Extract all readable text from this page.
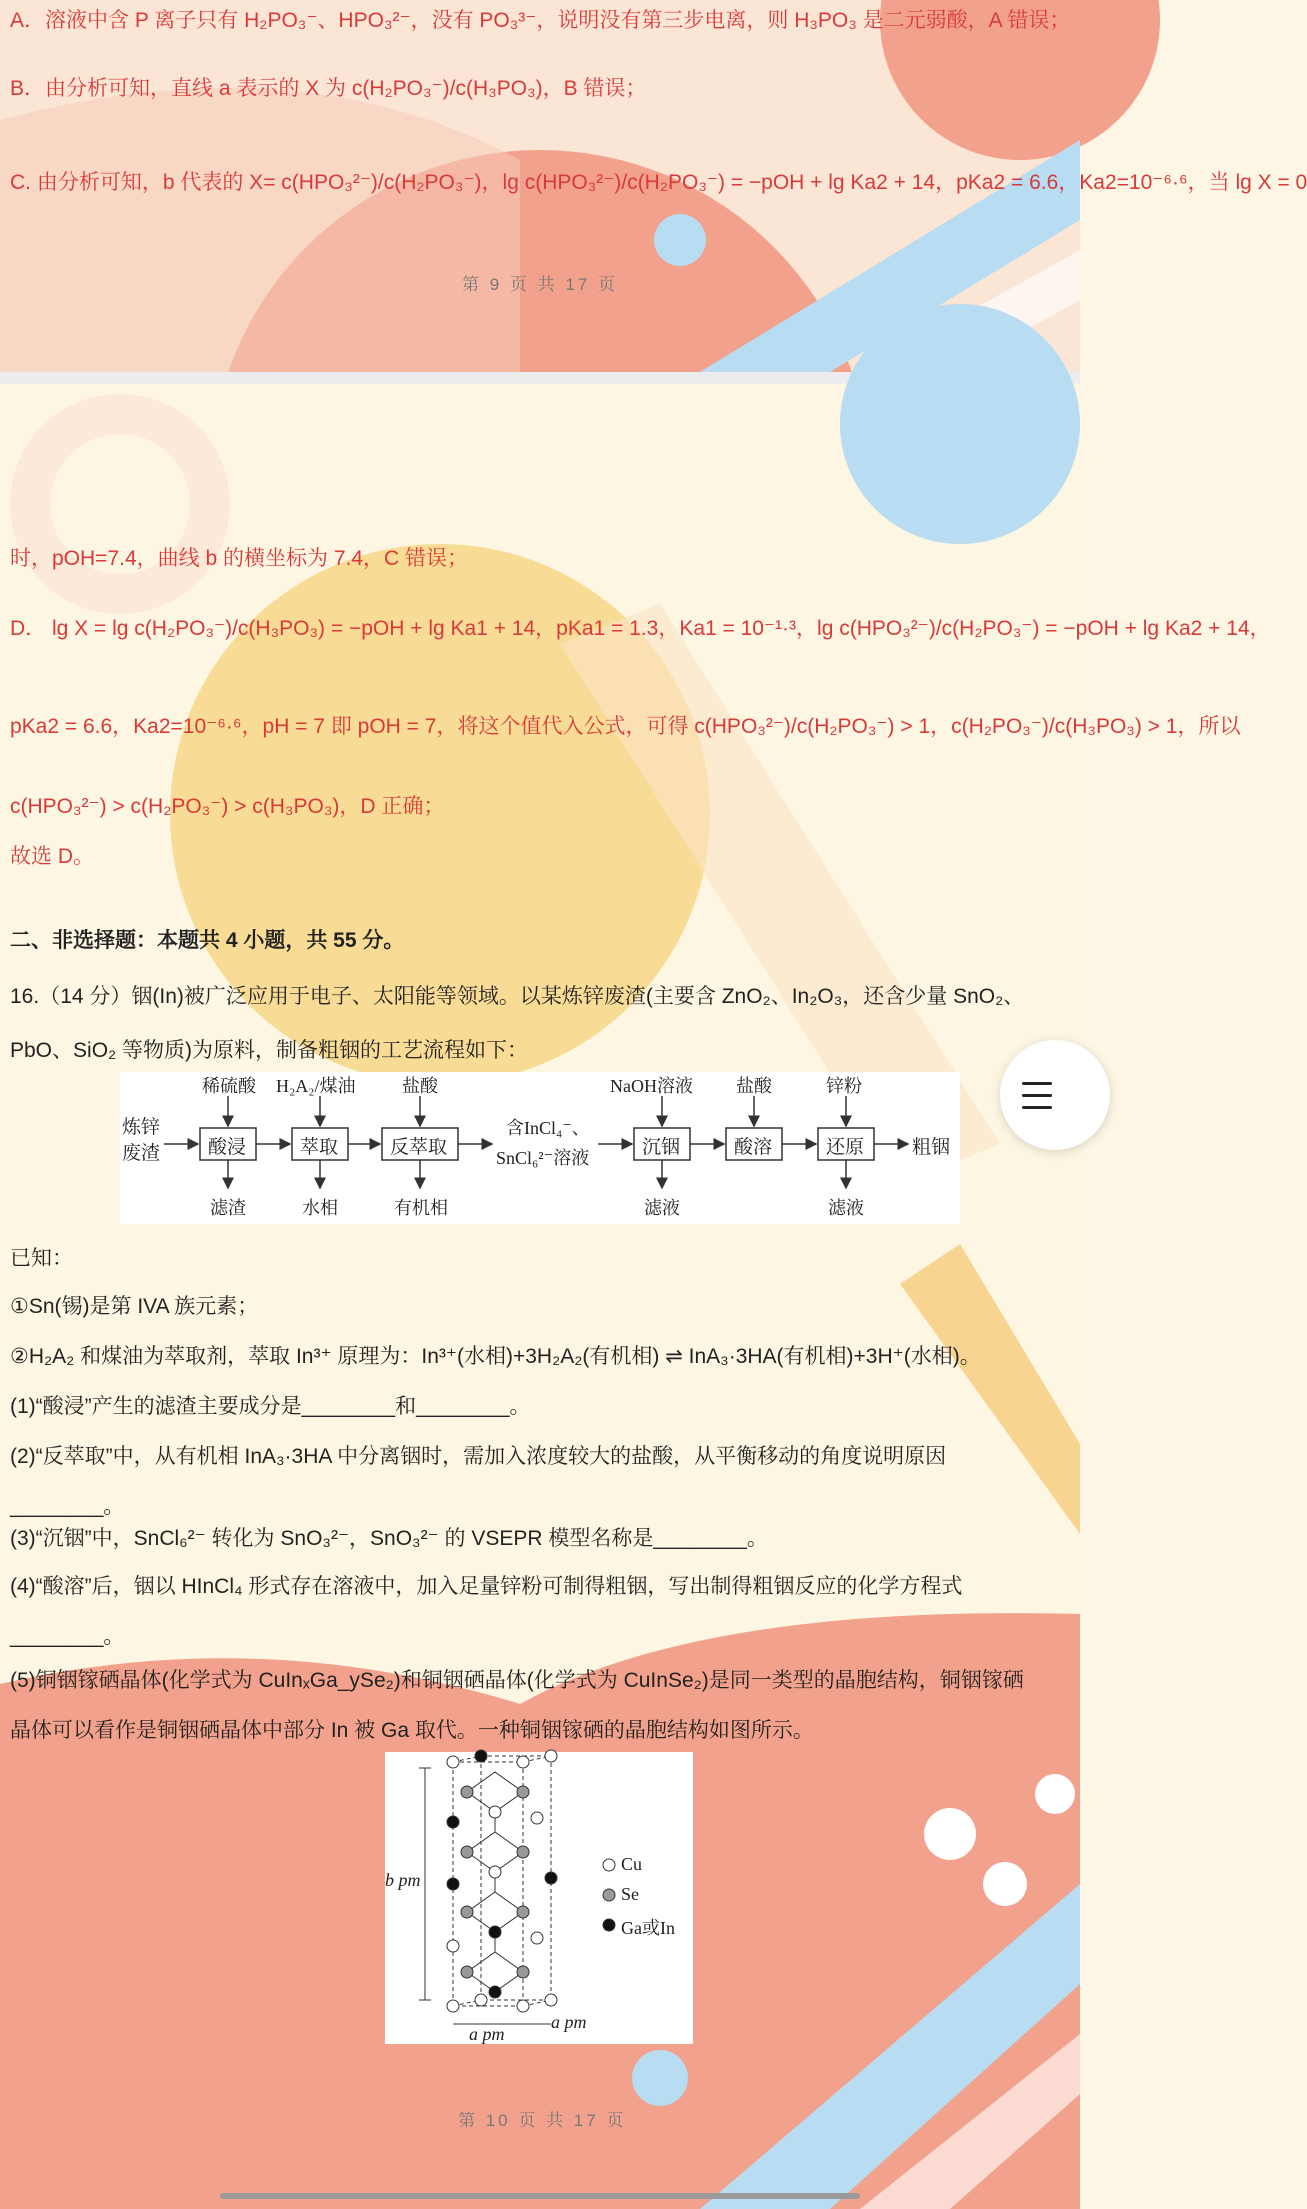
A．溶液中含 P 离子只有 H₂PO₃⁻、HPO₃²⁻，没有 PO₃³⁻，说明没有第三步电离，则 H₃PO₃ 是二元弱酸，A 错误；
B．由分析可知，直线 a 表示的 X 为 c(H₂PO₃⁻)/c(H₃PO₃)，B 错误；
C. 由分析可知，b 代表的 X= c(HPO₃²⁻)/c(H₂PO₃⁻)，lg c(HPO₃²⁻)/c(H₂PO₃⁻) = −pOH + lg Ka2 + 14，pKa2 = 6.6，Ka2=10⁻⁶·⁶，当 lg X = 0
第 9 页 共 17 页
时，pOH=7.4，曲线 b 的横坐标为 7.4，C 错误；
D． lg X = lg c(H₂PO₃⁻)/c(H₃PO₃) = −pOH + lg Ka1 + 14，pKa1 = 1.3，Ka1 = 10⁻¹·³，lg c(HPO₃²⁻)/c(H₂PO₃⁻) = −pOH + lg Ka2 + 14，
pKa2 = 6.6，Ka2=10⁻⁶·⁶，pH = 7 即 pOH = 7，将这个值代入公式，可得 c(HPO₃²⁻)/c(H₂PO₃⁻) > 1，c(H₂PO₃⁻)/c(H₃PO₃) > 1，所以
c(HPO₃²⁻) > c(H₂PO₃⁻) > c(H₃PO₃)，D 正确；
故选 D。
二、非选择题：本题共 4 小题，共 55 分。
16.（14 分）铟(In)被广泛应用于电子、太阳能等领域。以某炼锌废渣(主要含 ZnO₂、In₂O₃，还含少量 SnO₂、
PbO、SiO₂ 等物质)为原料，制备粗铟的工艺流程如下：
炼锌
废渣	酸浸	萃取	反萃取	沉铟	酸溶	还原
稀硫酸 H₂A₂/煤油	盐酸	NaOH溶液 盐酸	锌粉
滤渣	水相	有机相	滤液	滤液
含InCl₄⁻、
SnCl₆²⁻溶液	粗铟
已知：
①Sn(锡)是第 IVA 族元素；
②H₂A₂ 和煤油为萃取剂，萃取 In³⁺ 原理为：In³⁺(水相)+3H₂A₂(有机相) ⇌ InA₃·3HA(有机相)+3H⁺(水相)。
(1)“酸浸”产生的滤渣主要成分是________和________。
(2)“反萃取”中，从有机相 InA₃·3HA 中分离铟时，需加入浓度较大的盐酸，从平衡移动的角度说明原因
________。
(3)“沉铟”中，SnCl₆²⁻ 转化为 SnO₃²⁻，SnO₃²⁻ 的 VSEPR 模型名称是________。
(4)“酸溶”后，铟以 HInCl₄ 形式存在溶液中，加入足量锌粉可制得粗铟，写出制得粗铟反应的化学方程式
________。
(5)铜铟镓硒晶体(化学式为 CuInₓGa_ySe₂)和铜铟硒晶体(化学式为 CuInSe₂)是同一类型的晶胞结构，铜铟镓硒
晶体可以看作是铜铟硒晶体中部分 In 被 Ga 取代。一种铜铟镓硒的晶胞结构如图所示。
b pm
Cu
Se
Ga或In
a pm
a pm
第 10 页 共 17 页
